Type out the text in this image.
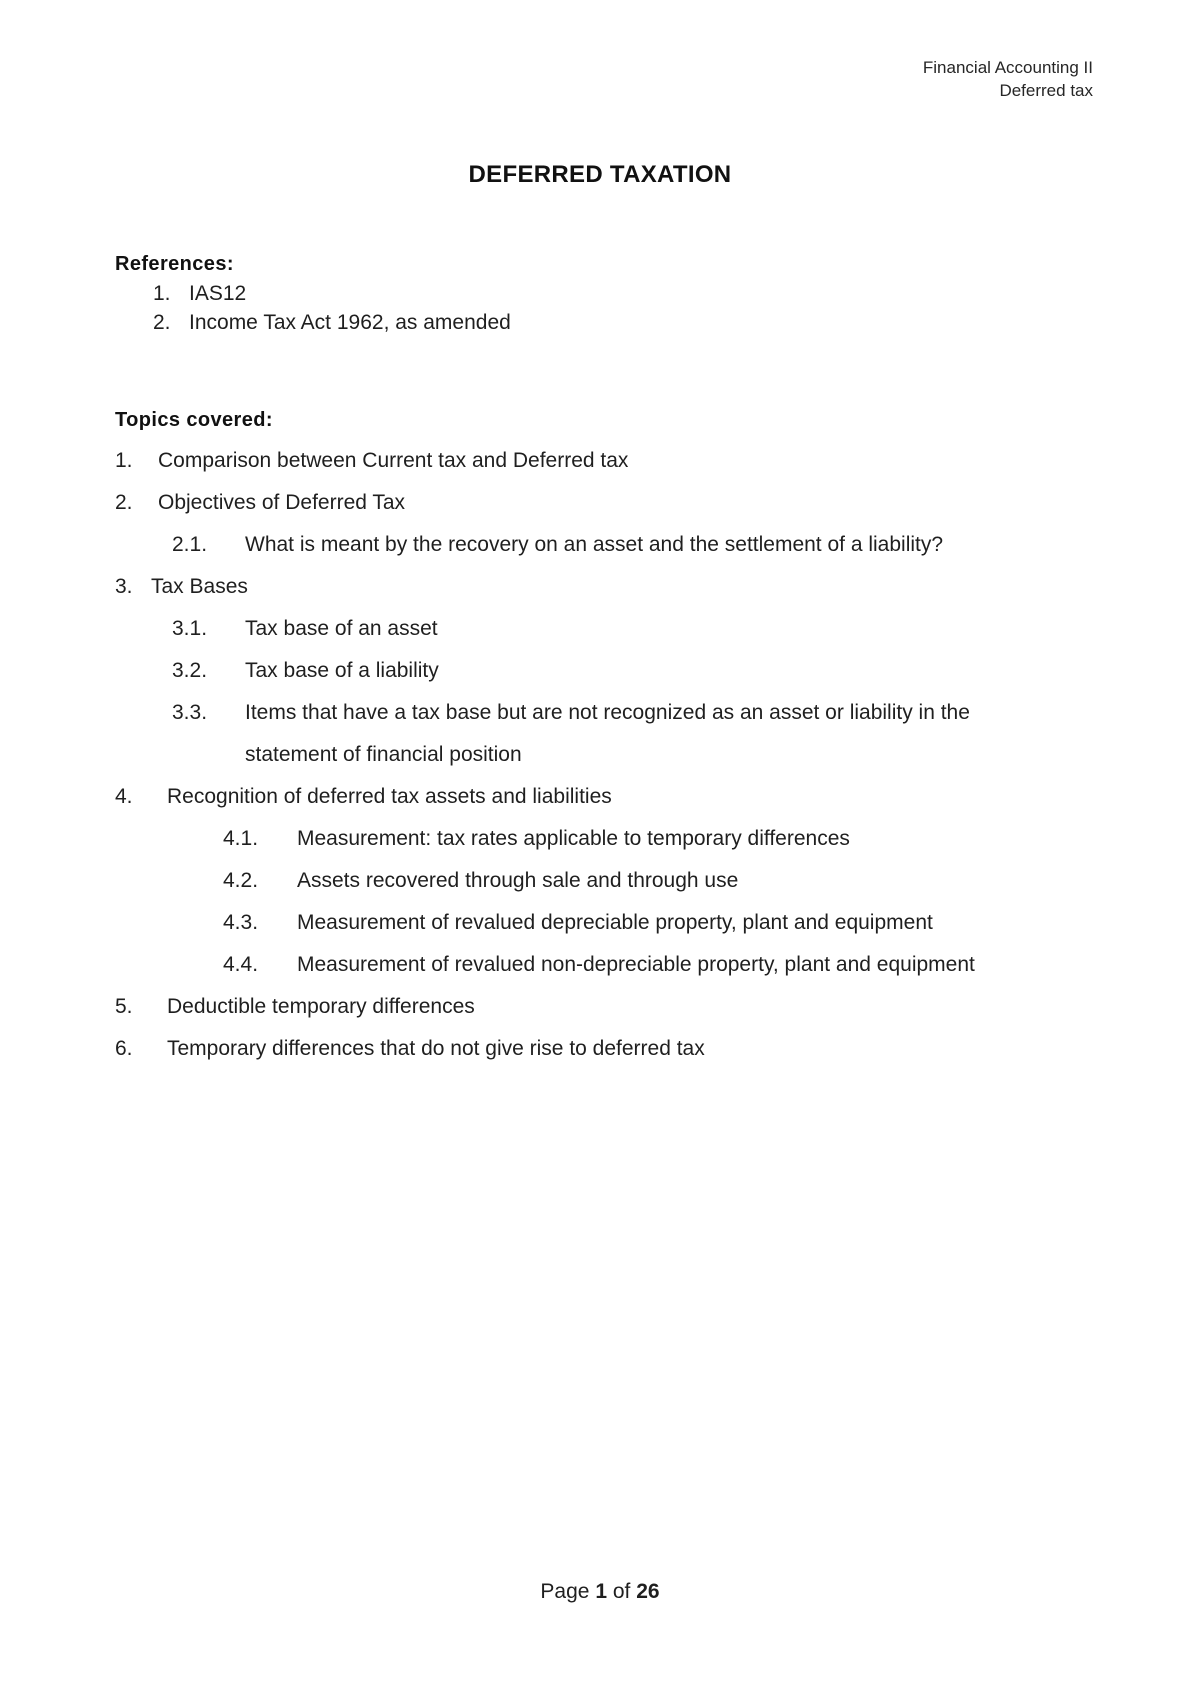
Financial Accounting II
Deferred tax
DEFERRED TAXATION
References:
1. IAS12
2. Income Tax Act 1962, as amended
Topics covered:
1. Comparison between Current tax and Deferred tax
2. Objectives of Deferred Tax
2.1. What is meant by the recovery on an asset and the settlement of a liability?
3. Tax Bases
3.1. Tax base of an asset
3.2. Tax base of a liability
3.3. Items that have a tax base but are not recognized as an asset or liability in the
statement of financial position
4. Recognition of deferred tax assets and liabilities
4.1. Measurement: tax rates applicable to temporary differences
4.2. Assets recovered through sale and through use
4.3. Measurement of revalued depreciable property, plant and equipment
4.4. Measurement of revalued non-depreciable property, plant and equipment
5. Deductible temporary differences
6. Temporary differences that do not give rise to deferred tax
Page 1 of 26
